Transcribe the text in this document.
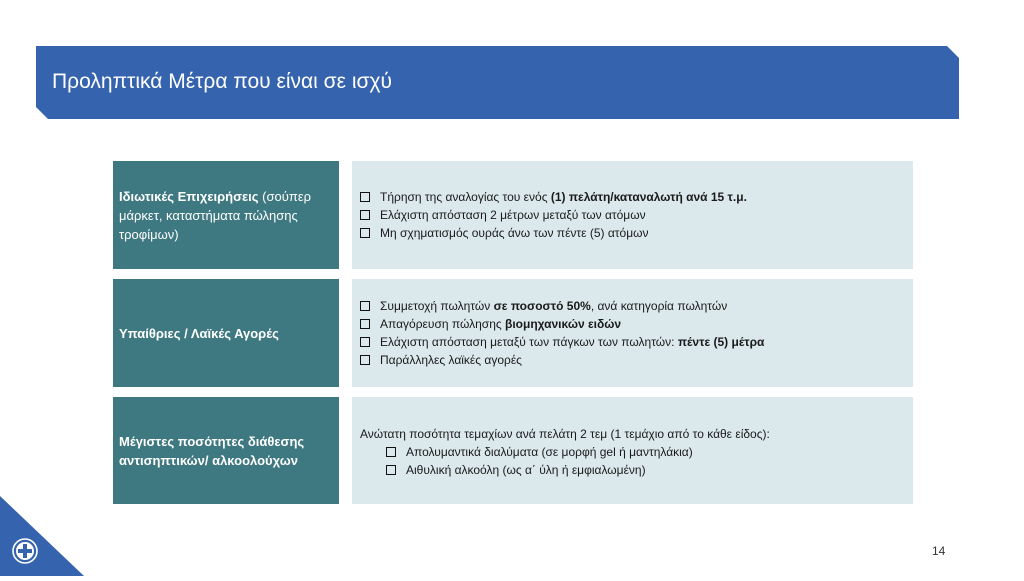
Προληπτικά Μέτρα που είναι σε ισχύ
Ιδιωτικές Επιχειρήσεις (σούπερ μάρκετ, καταστήματα πώλησης τροφίμων)
Τήρηση της αναλογίας του ενός (1) πελάτη/καταναλωτή ανά 15 τ.μ.
Ελάχιστη απόσταση 2 μέτρων μεταξύ των ατόμων
Μη σχηματισμός ουράς άνω των πέντε (5) ατόμων
Υπαίθριες / Λαϊκές Αγορές
Συμμετοχή πωλητών σε ποσοστό 50%, ανά κατηγορία πωλητών
Απαγόρευση πώλησης βιομηχανικών ειδών
Ελάχιστη απόσταση μεταξύ των πάγκων των πωλητών: πέντε (5) μέτρα
Παράλληλες λαϊκές αγορές
Μέγιστες ποσότητες διάθεσης αντισηπτικών/ αλκοολούχων
Ανώτατη ποσότητα τεμαχίων ανά πελάτη 2 τεμ (1 τεμάχιο από το κάθε είδος):
Απολυμαντικά διαλύματα (σε μορφή gel ή μαντηλάκια)
Αιθυλική αλκοόλη (ως α΄ ύλη ή εμφιαλωμένη)
14
